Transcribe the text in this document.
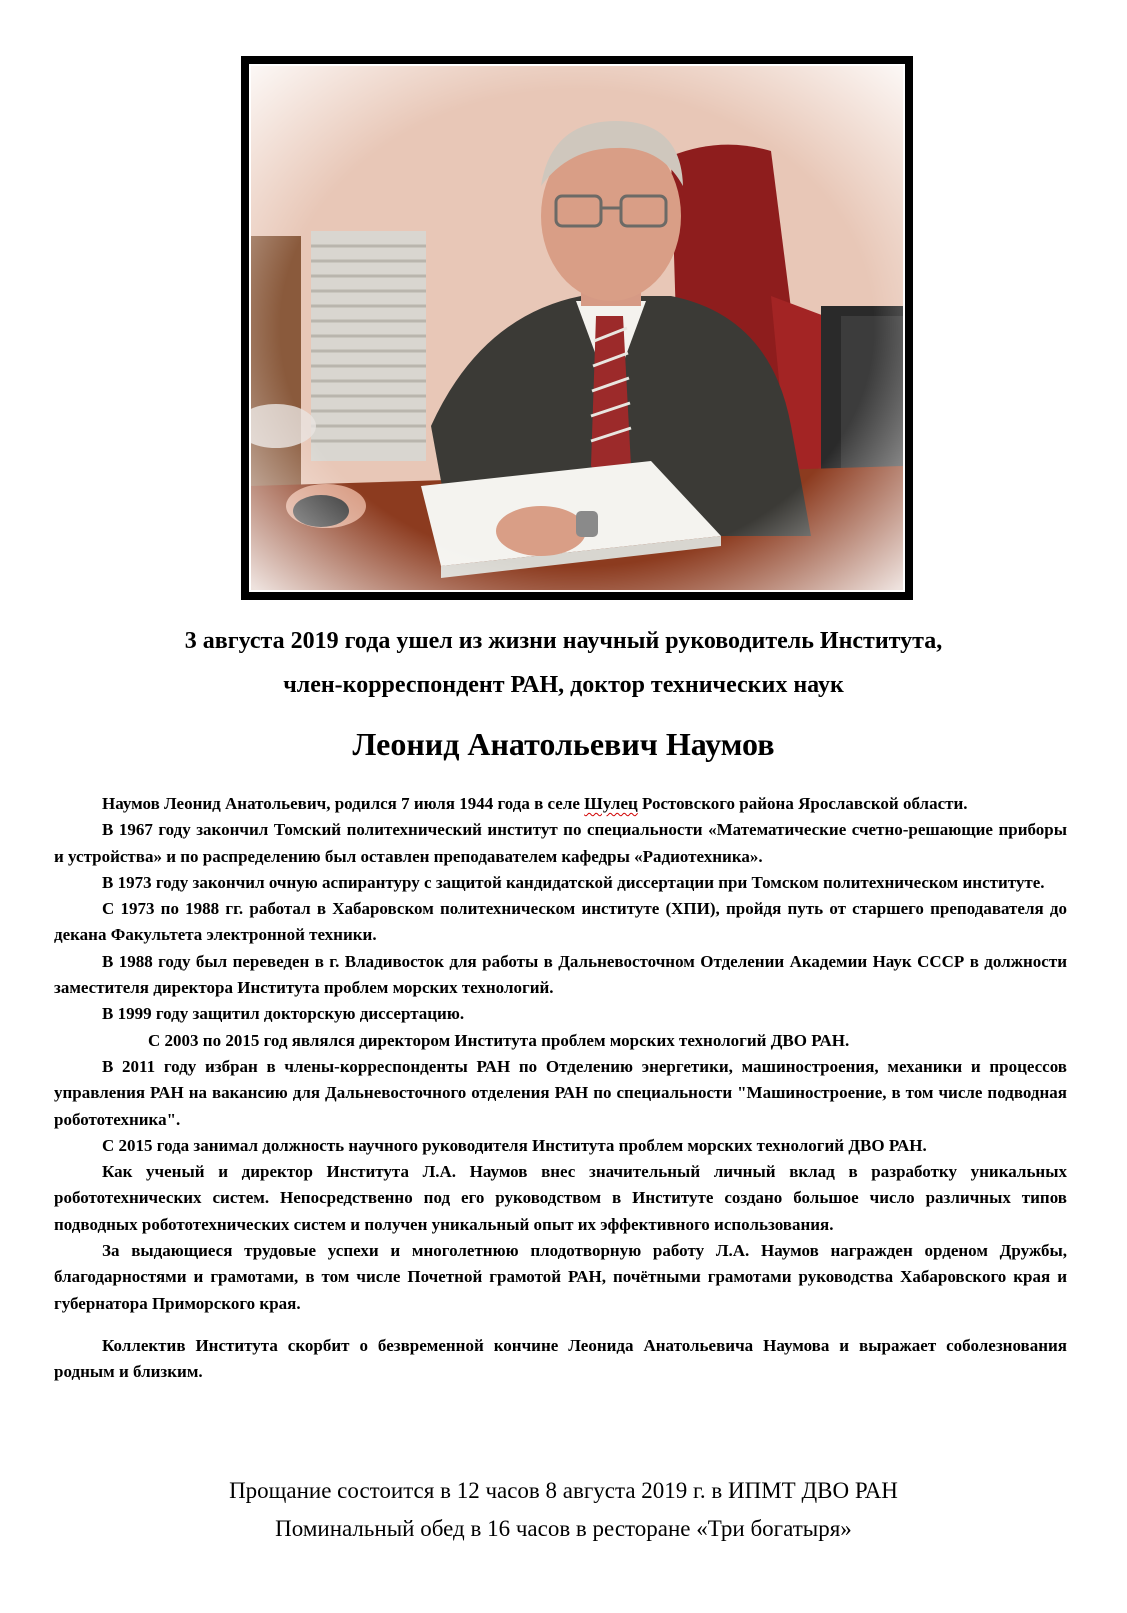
3 августа 2019 года ушел из жизни научный руководитель Института,
член-корреспондент РАН, доктор технических наук
Леонид Анатольевич Наумов

Наумов Леонид Анатольевич, родился 7 июля 1944 года в селе Шулец Ростовского района Ярославской области.

В 1967 году закончил Томский политехнический институт по специальности «Математические счетно-решающие приборы и устройства» и по распределению был оставлен преподавателем кафедры «Радиотехника».

В 1973 году закончил очную аспирантуру с защитой кандидатской диссертации при Томском политехническом институте.

С 1973 по 1988 гг. работал в Хабаровском политехническом институте (ХПИ), пройдя путь от старшего преподавателя до декана Факультета электронной техники.

В 1988 году был переведен в г. Владивосток для работы в Дальневосточном Отделении Академии Наук СССР в должности заместителя директора Института проблем морских технологий.

В 1999 году защитил докторскую диссертацию.

С 2003 по 2015 год являлся директором Института проблем морских технологий ДВО РАН.

В 2011 году избран в члены-корреспонденты РАН по Отделению энергетики, машиностроения, механики и процессов управления РАН на вакансию для Дальневосточного отделения РАН по специальности "Машиностроение, в том числе подводная робототехника".

С 2015 года занимал должность научного руководителя Института проблем морских технологий ДВО РАН.

Как ученый и директор Института Л.А. Наумов внес значительный личный вклад в разработку уникальных робототехнических систем. Непосредственно под его руководством в Институте создано большое число различных типов подводных робототехнических систем и получен уникальный опыт их эффективного использования.

За выдающиеся трудовые успехи и многолетнюю плодотворную работу Л.А. Наумов награжден орденом Дружбы, благодарностями и грамотами, в том числе Почетной грамотой РАН, почётными грамотами руководства Хабаровского края и губернатора Приморского края.

Коллектив Института скорбит о безвременной кончине Леонида Анатольевича Наумова и выражает соболезнования родным и близким.

Прощание состоится в 12 часов 8 августа 2019 г. в ИПМТ ДВО РАН
Поминальный обед в 16 часов в ресторане «Три богатыря»
